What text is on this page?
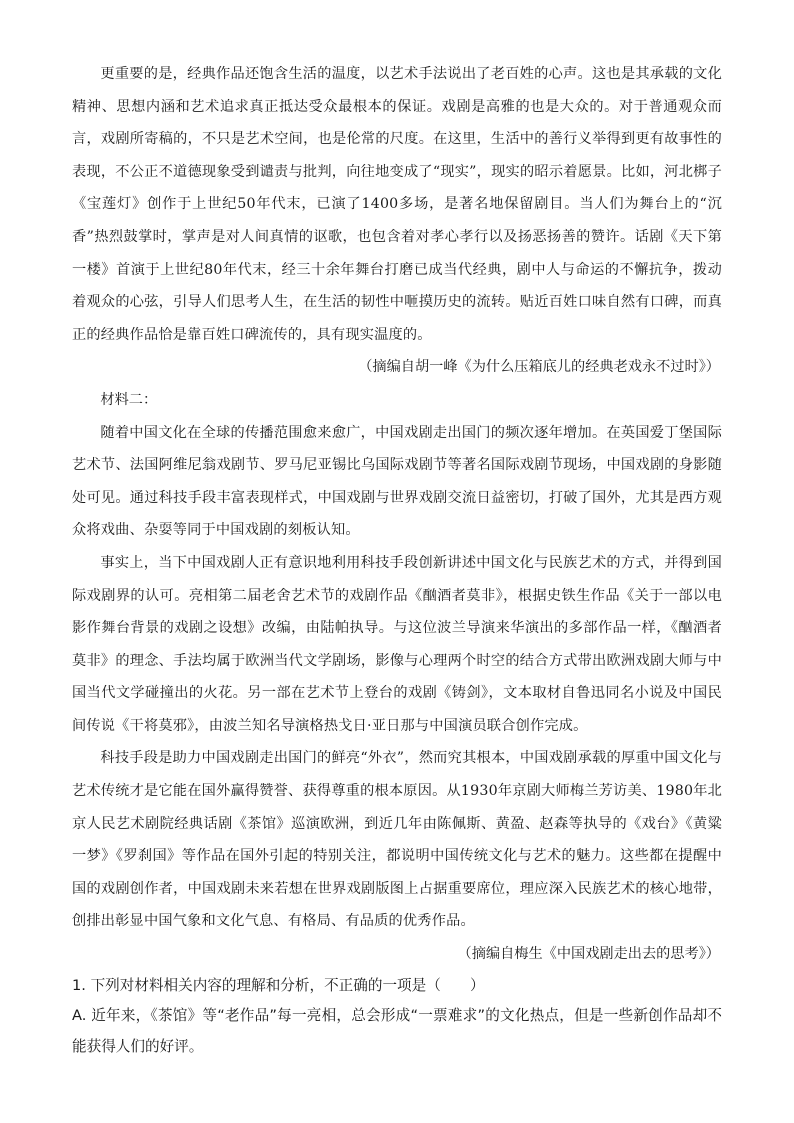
更重要的是，经典作品还饱含生活的温度，以艺术手法说出了老百姓的心声。这也是其承载的文化精神、思想内涵和艺术追求真正抵达受众最根本的保证。戏剧是高雅的也是大众的。对于普通观众而言，戏剧所寄稿的，不只是艺术空间，也是伦常的尺度。在这里，生活中的善行义举得到更有故事性的表现，不公正不道德现象受到谴责与批判，向往地变成了“现实”，现实的昭示着愿景。比如，河北梆子《宝莲灯》创作于上世纪50年代末，已演了1400多场，是著名地保留剧目。当人们为舞台上的“沉香”热烈鼓掌时，掌声是对人间真情的讴歌，也包含着对孝心孝行以及扬恶扬善的赞许。话剧《天下第一楼》首演于上世纪80年代末，经三十余年舞台打磨已成当代经典，剧中人与命运的不懈抗争，拨动着观众的心弦，引导人们思考人生，在生活的韧性中咂摸历史的流转。贴近百姓口味自然有口碑，而真正的经典作品恰是靠百姓口碑流传的，具有现实温度的。

（摘编自胡一峰《为什么压箱底儿的经典老戏永不过时》）

材料二：

随着中国文化在全球的传播范围愈来愈广，中国戏剧走出国门的频次逐年增加。在英国爱丁堡国际艺术节、法国阿维尼翁戏剧节、罗马尼亚锡比乌国际戏剧节等著名国际戏剧节现场，中国戏剧的身影随处可见。通过科技手段丰富表现样式，中国戏剧与世界戏剧交流日益密切，打破了国外，尤其是西方观众将戏曲、杂耍等同于中国戏剧的刻板认知。

事实上，当下中国戏剧人正有意识地利用科技手段创新讲述中国文化与民族艺术的方式，并得到国际戏剧界的认可。亮相第二届老舍艺术节的戏剧作品《酗酒者莫非》，根据史铁生作品《关于一部以电影作舞台背景的戏剧之设想》改编，由陆帕执导。与这位波兰导演来华演出的多部作品一样，《酗酒者莫非》的理念、手法均属于欧洲当代文学剧场，影像与心理两个时空的结合方式带出欧洲戏剧大师与中国当代文学碰撞出的火花。另一部在艺术节上登台的戏剧《铸剑》，文本取材自鲁迅同名小说及中国民间传说《干将莫邪》，由波兰知名导演格热戈日·亚日那与中国演员联合创作完成。

科技手段是助力中国戏剧走出国门的鲜亮“外衣”，然而究其根本，中国戏剧承载的厚重中国文化与艺术传统才是它能在国外赢得赞誉、获得尊重的根本原因。从1930年京剧大师梅兰芳访美、1980年北京人民艺术剧院经典话剧《茶馆》巡演欧洲，到近几年由陈佩斯、黄盈、赵森等执导的《戏台》《黄粱一梦》《罗刹国》等作品在国外引起的特别关注，都说明中国传统文化与艺术的魅力。这些都在提醒中国的戏剧创作者，中国戏剧未来若想在世界戏剧版图上占据重要席位，理应深入民族艺术的核心地带，创排出彰显中国气象和文化气息、有格局、有品质的优秀作品。

（摘编自梅生《中国戏剧走出去的思考》）

1. 下列对材料相关内容的理解和分析，不正确的一项是（　　）

A. 近年来，《茶馆》等“老作品”每一亮相，总会形成“一票难求”的文化热点，但是一些新创作品却不能获得人们的好评。
